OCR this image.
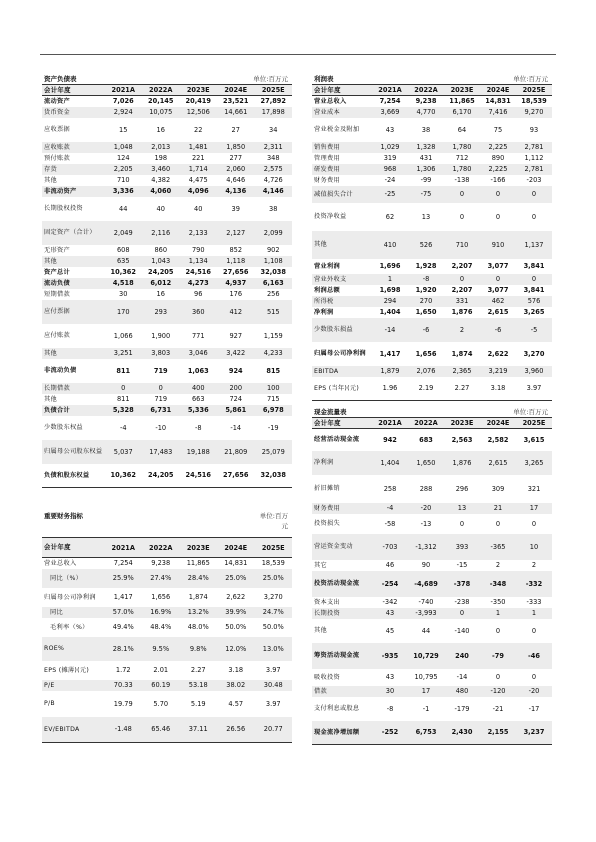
资产负债表	单位:百万元
会计年度	2021A	2022A	2023E	2024E	2025E
流动资产	7,026	20,145	20,419	23,521	27,892
货币资金	2,924	10,075	12,506	14,661	17,898
应收票据	15	16	22	27	34
应收账款	1,048	2,013	1,481	1,850	2,311
预付账款	124	198	221	277	348
存货	2,205	3,460	1,714	2,060	2,575
其他	710	4,382	4,475	4,646	4,726
非流动资产	3,336	4,060	4,096	4,136	4,146
长期股权投资	44	40	40	39	38
固定资产（合计）	2,049	2,116	2,133	2,127	2,099
无形资产	608	860	790	852	902
其他	635	1,043	1,134	1,118	1,108
资产总计	10,362	24,205	24,516	27,656	32,038
流动负债	4,518	6,012	4,273	4,937	6,163
短期借款	30	16	96	176	256
应付票据	170	293	360	412	515
应付账款	1,066	1,900	771	927	1,159
其他	3,251	3,803	3,046	3,422	4,233
非流动负债	811	719	1,063	924	815
长期借款	0	0	400	200	100
其他	811	719	663	724	715
负债合计	5,328	6,731	5,336	5,861	6,978
少数股东权益	-4	-10	-8	-14	-19
归属母公司股东权益	5,037	17,483	19,188	21,809	25,079
负债和股东权益	10,362	24,205	24,516	27,656	32,038
重要财务指标	单位:百万元
会计年度	2021A	2022A	2023E	2024E	2025E
营业总收入	7,254	9,238	11,865	14,831	18,539
同比（%）	25.9%	27.4%	28.4%	25.0%	25.0%
归属母公司净利润	1,417	1,656	1,874	2,622	3,270
同比	57.0%	16.9%	13.2%	39.9%	24.7%
毛利率（%）	49.4%	48.4%	48.0%	50.0%	50.0%
ROE%	28.1%	9.5%	9.8%	12.0%	13.0%
EPS (摊薄)(元)	1.72	2.01	2.27	3.18	3.97
P/E	70.33	60.19	53.18	38.02	30.48
P/B	19.79	5.70	5.19	4.57	3.97
EV/EBITDA	-1.48	65.46	37.11	26.56	20.77
利润表	单位:百万元
会计年度	2021A	2022A	2023E	2024E	2025E
营业总收入	7,254	9,238	11,865	14,831	18,539
营业成本	3,669	4,770	6,170	7,416	9,270
营业税金及附加	43	38	64	75	93
销售费用	1,029	1,328	1,780	2,225	2,781
管理费用	319	431	712	890	1,112
研发费用	968	1,306	1,780	2,225	2,781
财务费用	-24	-99	-138	-166	-203
减值损失合计	-25	-75	0	0	0
投资净收益	62	13	0	0	0
其他	410	526	710	910	1,137
营业利润	1,696	1,928	2,207	3,077	3,841
营业外收支	1	-8	0	0	0
利润总额	1,698	1,920	2,207	3,077	3,841
所得税	294	270	331	462	576
净利润	1,404	1,650	1,876	2,615	3,265
少数股东损益	-14	-6	2	-6	-5
归属母公司净利润	1,417	1,656	1,874	2,622	3,270
EBITDA	1,879	2,076	2,365	3,219	3,960
EPS (当年)(元)	1.96	2.19	2.27	3.18	3.97
现金流量表	单位:百万元
会计年度	2021A	2022A	2023E	2024E	2025E
经营活动现金流	942	683	2,563	2,582	3,615
净利润	1,404	1,650	1,876	2,615	3,265
折旧摊销	258	288	296	309	321
财务费用	-4	-20	13	21	17
投资损失	-58	-13	0	0	0
营运资金变动	-703	-1,312	393	-365	10
其它	46	90	-15	2	2
投资活动现金流	-254	-4,689	-378	-348	-332
资本支出	-342	-740	-238	-350	-333
长期投资	43	-3,993	0	1	1
其他	45	44	-140	0	0
筹资活动现金流	-935	10,729	240	-79	-46
吸收投资	43	10,795	-14	0	0
借款	30	17	480	-120	-20
支付利息或股息	-8	-1	-179	-21	-17
现金流净增加额	-252	6,753	2,430	2,155	3,237
